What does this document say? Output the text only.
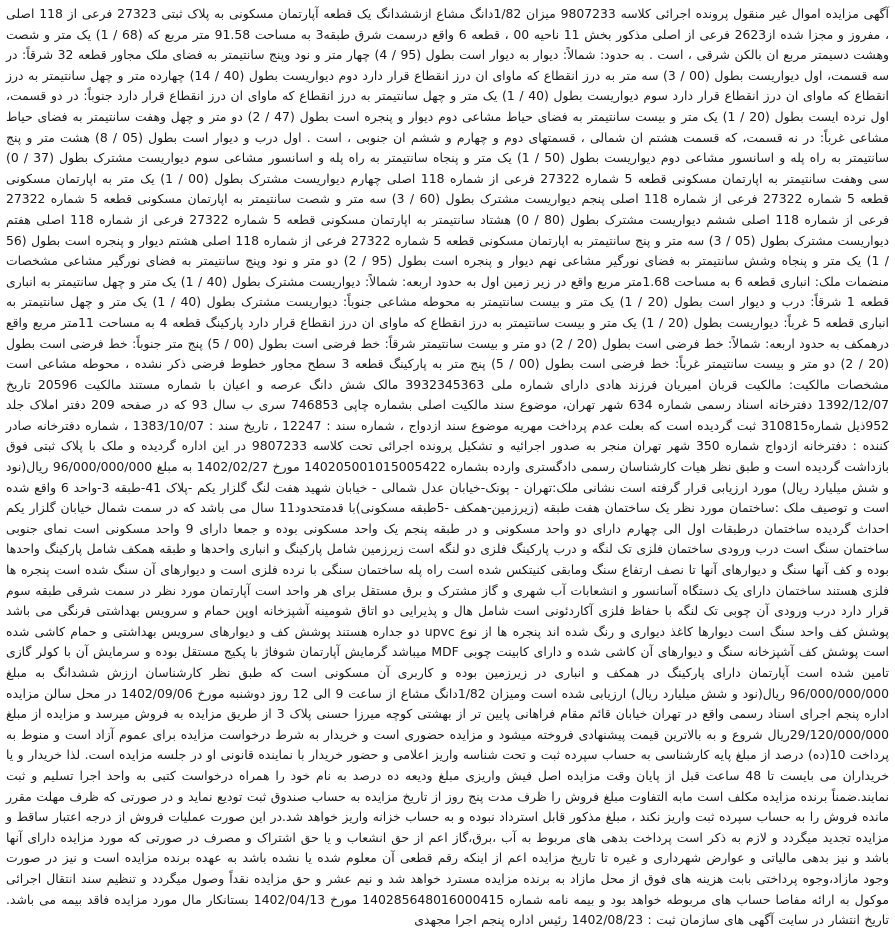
آگهی مزایده اموال غیر منقول پرونده اجرائی کلاسه 9807233 میزان 1/82دانگ مشاع ازششدانگ یک قطعه آپارتمان مسکونی به پلاک ثبتی 27323 فرعی از 118 اصلی ، مفروز و مجزا شده از2623 فرعی از اصلی مذکور بخش 11 ناحیه 00 ، قطعه 6 واقع درسمت شرق طبقه3 به مساحت 91.58 متر مربع که (68 / 1) یک متر و شصت وهشت دسیمتر مربع ان بالکن شرقی ، است . به حدود: شمالاً: دیوار به دیوار است بطول (95 / 4) چهار متر و نود وپنج سانتیمتر به فضای ملک مجاور قطعه 32 شرقاً: در سه قسمت، اول دیواریست بطول (00 / 3) سه متر به درز انقطاع که ماوای ان درز انقطاع قرار دارد دوم دیواریست بطول (40 / 14) چهارده متر و چهل سانتیمتر به درز انقطاع که ماوای ان درز انقطاع قرار دارد سوم دیواریست بطول (40 / 1) یک متر و چهل سانتیمتر به درز انقطاع که ماوای ان درز انقطاع قرار دارد جنوباً: در دو قسمت، اول نرده ایست بطول (20 / 1) یک متر و بیست سانتیمتر به فضای حیاط مشاعی دوم دیوار و پنجره است بطول (47 / 2) دو متر و چهل وهفت سانتیمتر به فضای حیاط مشاعی غرباً: در نه قسمت، که قسمت هشتم ان شمالی ، قسمتهای دوم و چهارم و ششم ان جنوبی ، است . اول درب و دیوار است بطول (05 / 8) هشت متر و پنج سانتیمتر به راه پله و اسانسور مشاعی دوم دیواریست بطول (50 / 1) یک متر و پنجاه سانتیمتر به راه پله و اسانسور مشاعی سوم دیواریست مشترک بطول (37 / 0) سی وهفت سانتیمتر به اپارتمان مسکونی قطعه 5 شماره 27322 فرعی از شماره 118 اصلی چهارم دیواریست مشترک بطول (00 / 1) یک متر به اپارتمان مسکونی قطعه 5 شماره 27322 فرعی از شماره 118 اصلی پنجم دیواریست مشترک بطول (60 / 3) سه متر و شصت سانتیمتر به اپارتمان مسکونی قطعه 5 شماره 27322 فرعی از شماره 118 اصلی ششم دیواریست مشترک بطول (80 / 0) هشتاد سانتیمتر به اپارتمان مسکونی قطعه 5 شماره 27322 فرعی از شماره 118 اصلی هفتم دیواریست مشترک بطول (05 / 3) سه متر و پنج سانتیمتر به اپارتمان مسکونی قطعه 5 شماره 27322 فرعی از شماره 118 اصلی هشتم دیوار و پنجره است بطول (56 / 1) یک متر و پنجاه وشش سانتیمتر به فضای نورگیر مشاعی نهم دیوار و پنجره است بطول (95 / 2) دو متر و نود وپنج سانتیمتر به فضای نورگیر مشاعی مشخصات منضمات ملک: انباری قطعه 6 به مساحت 1.68متر مربع واقع در زیر زمین اول به حدود اربعه: شمالاً: دیواریست مشترک بطول (40 / 1) یک متر و چهل سانتیمتر به انباری قطعه 1 شرقاً: درب و دیوار است بطول (20 / 1) یک متر و بیست سانتیمتر به محوطه مشاعی جنوباً: دیواریست مشترک بطول (40 / 1) یک متر و چهل سانتیمتر به انباری قطعه 5 غرباً: دیواریست بطول (20 / 1) یک متر و بیست سانتیمتر به درز انقطاع که ماوای ان درز انقطاع قرار دارد پارکینگ قطعه 4 به مساحت 11متر مربع واقع درهمکف به حدود اربعه: شمالاً: خط فرضی است بطول (20 / 2) دو متر و بیست سانتیمتر شرقاً: خط فرضی است بطول (00 / 5) پنج متر جنوباً: خط فرضی است بطول (20 / 2) دو متر و بیست سانتیمتر غرباً: خط فرضی است بطول (00 / 5) پنج متر به پارکینگ قطعه 3 سطح مجاور خطوط فرضی ذکر نشده ، محوطه مشاعی است مشخصات مالکیت: مالکیت قربان امیریان فرزند هادی دارای شماره ملی 3932345363 مالک شش دانگ عرصه و اعیان با شماره مستند مالکیت 20596 تاریخ 1392/12/07 دفترخانه اسناد رسمی شماره 634 شهر تهران، موضوع سند مالکیت اصلی بشماره چاپی 746853 سری ب سال 93 که در صفحه 209 دفتر املاک جلد 952ذیل شماره310815 ثبت گردیده است که بعلت عدم پرداخت مهریه موضوع سند ازدواج ، شماره سند : 12247 ، تاریخ سند : 1383/10/07 ، شماره دفترخانه صادر کننده : دفترخانه ازدواج شماره 350 شهر تهران منجر به صدور اجرائیه و تشکیل پرونده اجرائی تحت کلاسه 9807233 در این اداره گردیده و ملک با پلاک ثبتی فوق بازداشت گردیده است و طبق نظر هیات کارشناسان رسمی دادگستری وارده بشماره 140205001015005422 مورخ 1402/02/27 به مبلغ 96/000/000/000 ریال(نود و شش میلیارد ریال) مورد ارزیابی قرار گرفته است نشانی ملک:تهران - پونک-خیابان عدل شمالی - خیابان شهید هفت لنگ گلزار یکم -پلاک 41-طبقه 3-واحد 6 واقع شده است و توصیف ملک :ساختمان مورد نظر یک ساختمان هفت طبقه (زیرزمین-همکف -5طبقه مسکونی)با قدمتحدود11 سال می باشد که در سمت شمال خیابان گلزار یکم احداث گردیده ساختمان درطبقات اول الی چهارم دارای دو واحد مسکونی و در طبقه پنجم یک واحد مسکونی بوده و جمعا دارای 9 واحد مسکونی است نمای جنوبی ساختمان سنگ است درب ورودی ساختمان فلزی تک لنگه و درب پارکینگ فلزی دو لنگه است زیرزمین شامل پارکینگ و انباری واحدها و طبقه همکف شامل پارکینگ واحدها بوده و کف آنها سنگ و دیوارهای آنها تا نصف ارتفاع سنگ ومابقی کنیتکس شده است راه پله ساختمان سنگی با نرده فلزی است و دیوارهای آن سنگ شده است پنجره ها فلزی هستند ساختمان دارای یک دستگاه آسانسور و انشعابات آب شهری و گاز مشترک و برق مستقل برای هر واحد است آپارتمان مورد نظر در سمت شرقی طبقه سوم قرار دارد درب ورودی آن چوبی تک لنگه با حفاظ فلزی آکاردئونی است شامل هال و پذیرایی دو اتاق شومینه آشپزخانه اوپن حمام و سرویس بهداشتی فرنگی می باشد پوشش کف واحد سنگ است دیوارها کاغذ دیواری و رنگ شده اند پنجره ها از نوع upvc دو جداره هستند پوشش کف و دیوارهای سرویس بهداشتی و حمام کاشی شده است پوشش کف آشپزخانه سنگ و دیوارهای آن کاشی شده و دارای کابینت چوبی MDF میباشد گرمایش آپارتمان شوفاژ با پکیج مستقل بوده و سرمایش آن با کولر گازی تامین شده است آپارتمان دارای پارکینگ در همکف و انباری در زیرزمین بوده و کاربری آن مسکونی است که طبق نظر کارشناسان ارزش ششدانگ به مبلغ 96/000/000/000 ریال(نود و شش میلیارد ریال) ارزیابی شده است ومیزان 1/82دانگ مشاع از ساعت 9 الی 12 روز دوشنبه مورخ 1402/09/06 در محل سالن مزایده اداره پنجم اجرای اسناد رسمی واقع در تهران خیابان قائم مقام فراهانی پایین تر از بهشتی کوچه میرزا حسنی پلاک 3 از طریق مزایده به فروش میرسد و مزایده از مبلغ 29/120/000/000ریال شروع و به بالاترین قیمت پیشنهادی فروخته میشود و مزایده حضوری است و خریدار به شرط درخواست مزایده برای عموم آزاد است و منوط به پرداخت 10(ده) درصد از مبلغ پایه کارشناسی به حساب سپرده ثبت و تحت شناسه واریز اعلامی و حضور خریدار با نماینده قانونی او در جلسه مزایده است. لذا خریدار و یا خریداران می بایست تا 48 ساعت قبل از پایان وقت مزایده اصل فیش واریزی مبلغ ودیعه ده درصد به نام خود را همراه درخواست کتبی به واحد اجرا تسلیم و ثبت نمایند.ضمناً برنده مزایده مکلف است مابه التفاوت مبلغ فروش را ظرف مدت پنج روز از تاریخ مزایده به حساب صندوق ثبت تودیع نماید و در صورتی که ظرف مهلت مقرر مانده فروش را به حساب سپرده ثبت واریز نکند ، مبلغ مذکور قابل استرداد نبوده و به حساب خزانه واریز خواهد شد.در این صورت عملیات فروش از درجه اعتبار ساقط و مزایده تجدید میگردد و لازم به ذکر است پرداخت بدهی های مربوط به آب ،برق،گاز اعم از حق انشعاب و یا حق اشتراک و مصرف در صورتی که مورد مزایده دارای آنها باشد و نیز بدهی مالیاتی و عوارض شهرداری و غیره تا تاریخ مزایده اعم از اینکه رقم قطعی آن معلوم شده یا نشده باشد به عهده برنده مزایده است و نیز در صورت وجود مازاد،وجوه پرداختی بابت هزینه های فوق از محل مازاد به برنده مزایده مسترد خواهد شد و نیم عشر و حق مزایده نقداً وصول میگردد و تنظیم سند انتقال اجرائی موکول به ارائه مفاصا حساب های مربوطه خواهد بود و بیمه نامه شماره 140285648016000415 مورخ 1402/04/13 بستانکار مال مورد مزایده فاقد بیمه می باشد. تاریخ انتشار در سایت آگهی های سازمان ثبت : 1402/08/23 رئیس اداره پنجم اجرا مجهدی
